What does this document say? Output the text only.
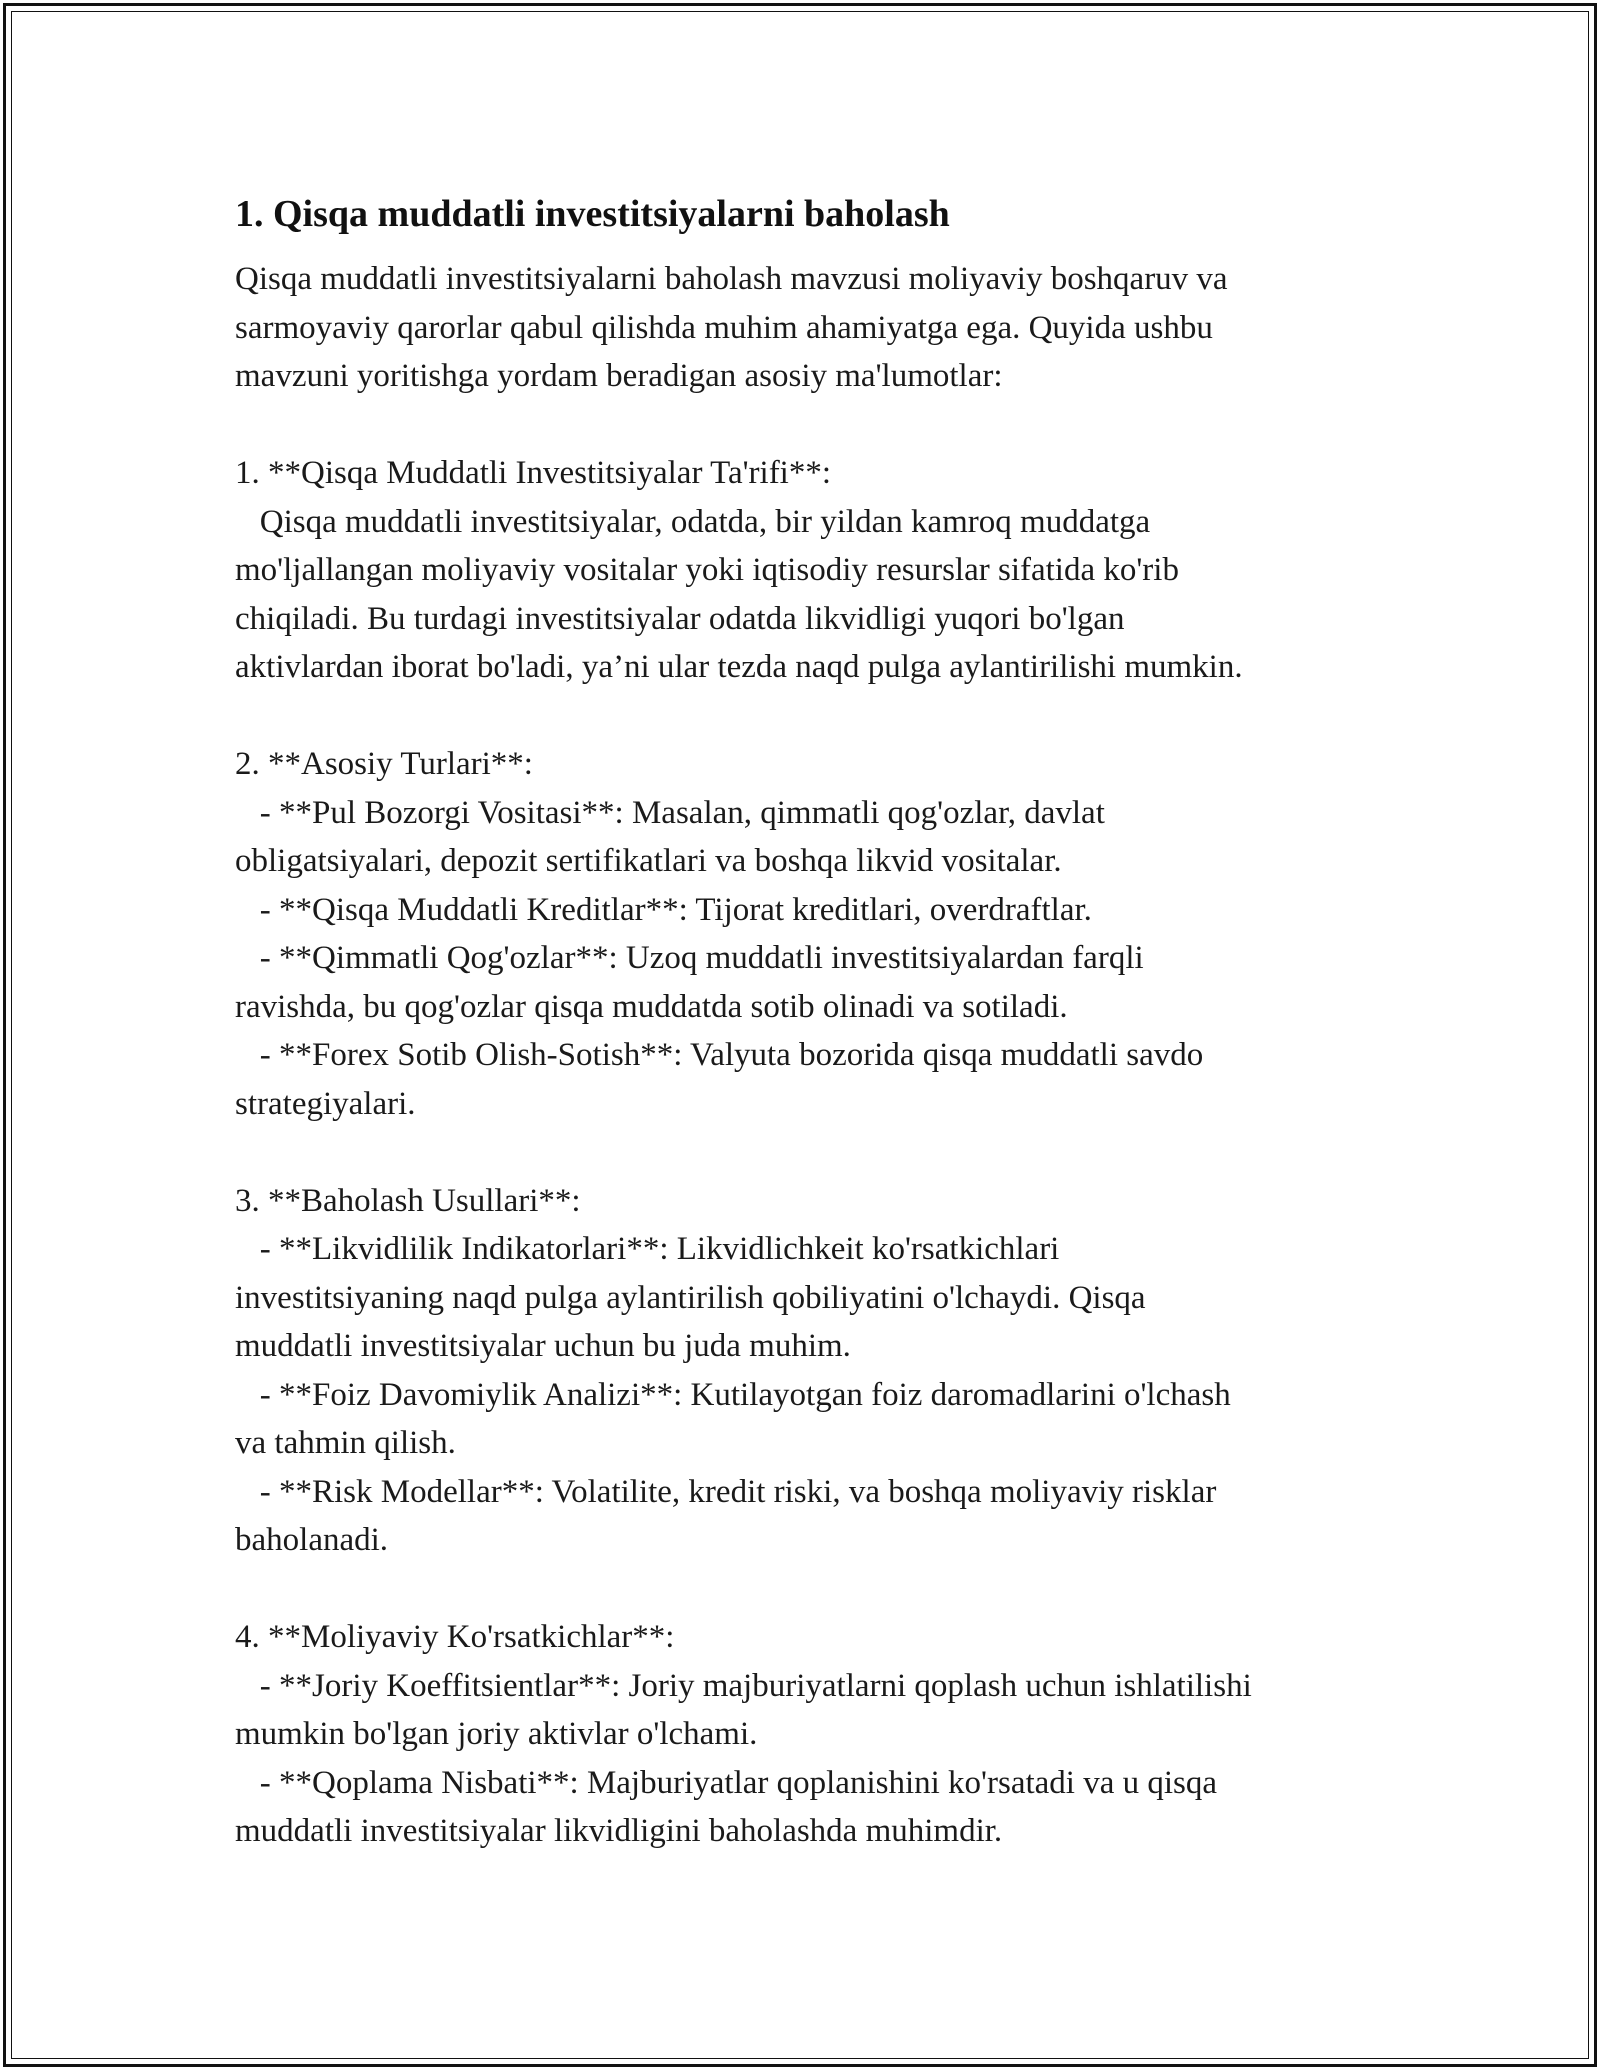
1. Qisqa muddatli investitsiyalarni baholash

Qisqa muddatli investitsiyalarni baholash mavzusi moliyaviy boshqaruv va
sarmoyaviy qarorlar qabul qilishda muhim ahamiyatga ega. Quyida ushbu
mavzuni yoritishga yordam beradigan asosiy ma'lumotlar:

1. **Qisqa Muddatli Investitsiyalar Ta'rifi**:
Qisqa muddatli investitsiyalar, odatda, bir yildan kamroq muddatga
mo'ljallangan moliyaviy vositalar yoki iqtisodiy resurslar sifatida ko'rib
chiqiladi. Bu turdagi investitsiyalar odatda likvidligi yuqori bo'lgan
aktivlardan iborat bo'ladi, ya’ni ular tezda naqd pulga aylantirilishi mumkin.

2. **Asosiy Turlari**:
- **Pul Bozorgi Vositasi**: Masalan, qimmatli qog'ozlar, davlat
obligatsiyalari, depozit sertifikatlari va boshqa likvid vositalar.
- **Qisqa Muddatli Kreditlar**: Tijorat kreditlari, overdraftlar.
- **Qimmatli Qog'ozlar**: Uzoq muddatli investitsiyalardan farqli
ravishda, bu qog'ozlar qisqa muddatda sotib olinadi va sotiladi.
- **Forex Sotib Olish-Sotish**: Valyuta bozorida qisqa muddatli savdo
strategiyalari.

3. **Baholash Usullari**:
- **Likvidlilik Indikatorlari**: Likvidlichkeit ko'rsatkichlari
investitsiyaning naqd pulga aylantirilish qobiliyatini o'lchaydi. Qisqa
muddatli investitsiyalar uchun bu juda muhim.
- **Foiz Davomiylik Analizi**: Kutilayotgan foiz daromadlarini o'lchash
va tahmin qilish.
- **Risk Modellar**: Volatilite, kredit riski, va boshqa moliyaviy risklar
baholanadi.

4. **Moliyaviy Ko'rsatkichlar**:
- **Joriy Koeffitsientlar**: Joriy majburiyatlarni qoplash uchun ishlatilishi
mumkin bo'lgan joriy aktivlar o'lchami.
- **Qoplama Nisbati**: Majburiyatlar qoplanishini ko'rsatadi va u qisqa
muddatli investitsiyalar likvidligini baholashda muhimdir.
